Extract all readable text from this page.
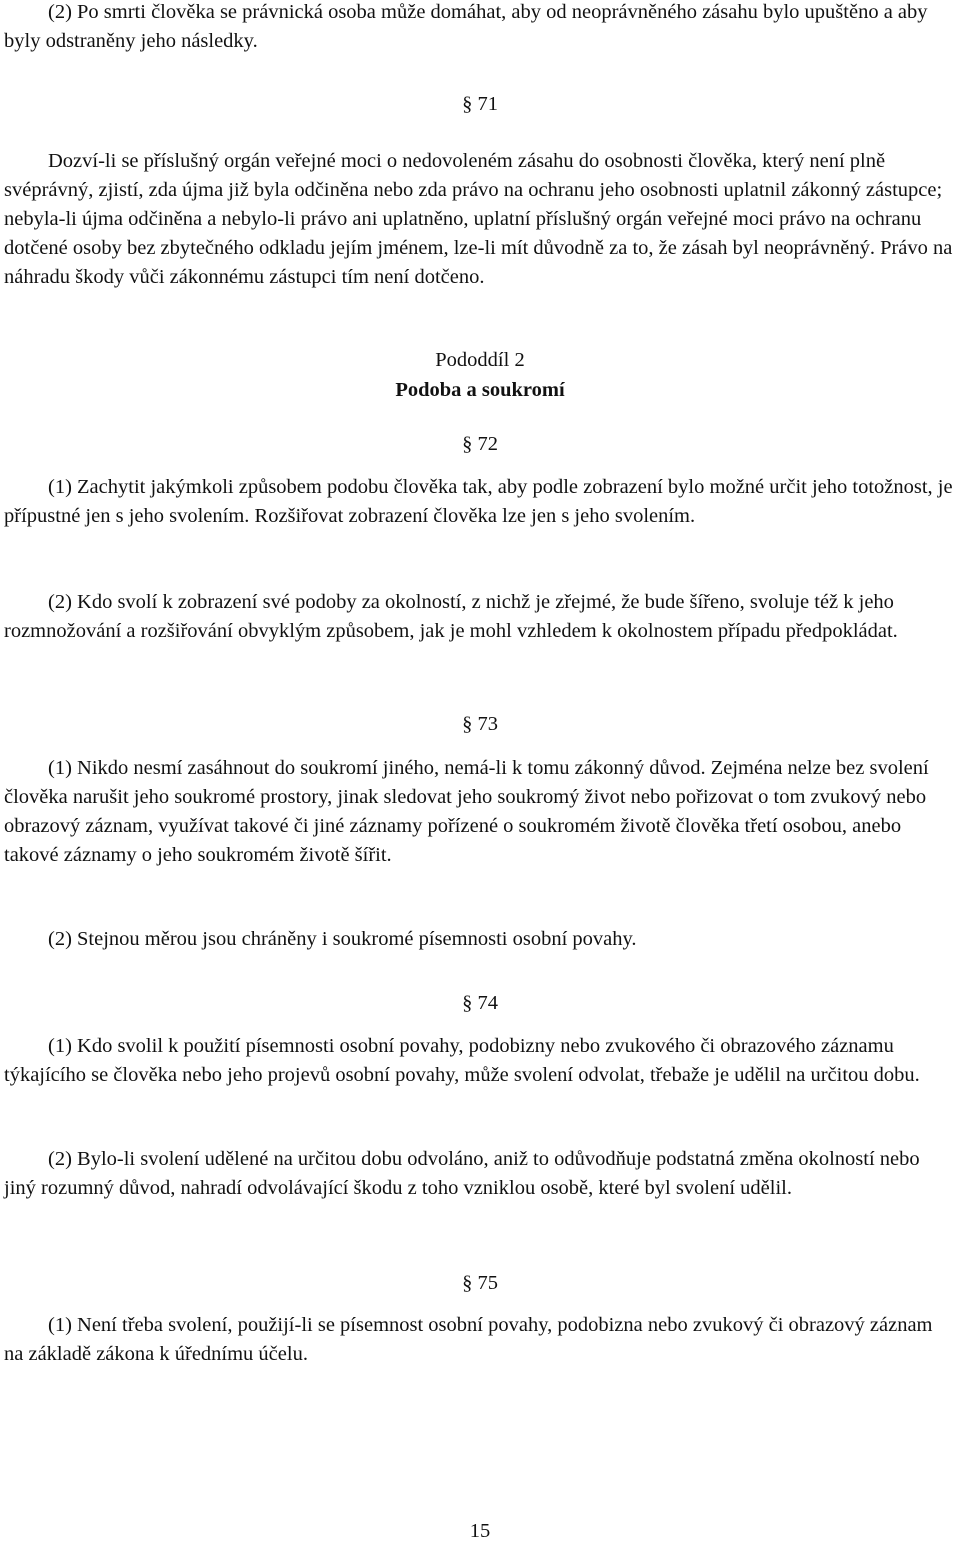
(2) Po smrti člověka se právnická osoba může domáhat, aby od neoprávněného zásahu bylo upuštěno a aby byly odstraněny jeho následky.

§ 71

Dozví-li se příslušný orgán veřejné moci o nedovoleném zásahu do osobnosti člověka, který není plně svéprávný, zjistí, zda újma již byla odčiněna nebo zda právo na ochranu jeho osobnosti uplatnil zákonný zástupce; nebyla-li újma odčiněna a nebylo-li právo ani uplatněno, uplatní příslušný orgán veřejné moci právo na ochranu dotčené osoby bez zbytečného odkladu jejím jménem, lze-li mít důvodně za to, že zásah byl neoprávněný. Právo na náhradu škody vůči zákonnému zástupci tím není dotčeno.

Pododdíl 2
Podoba a soukromí
§ 72

(1) Zachytit jakýmkoli způsobem podobu člověka tak, aby podle zobrazení bylo možné určit jeho totožnost, je přípustné jen s jeho svolením. Rozšiřovat zobrazení člověka lze jen s jeho svolením.

(2) Kdo svolí k zobrazení své podoby za okolností, z nichž je zřejmé, že bude šířeno, svoluje též k jeho rozmnožování a rozšiřování obvyklým způsobem, jak je mohl vzhledem k okolnostem případu předpokládat.

§ 73

(1) Nikdo nesmí zasáhnout do soukromí jiného, nemá-li k tomu zákonný důvod. Zejména nelze bez svolení člověka narušit jeho soukromé prostory, jinak sledovat jeho soukromý život nebo pořizovat o tom zvukový nebo obrazový záznam, využívat takové či jiné záznamy pořízené o soukromém životě člověka třetí osobou, anebo takové záznamy o jeho soukromém životě šířit.

(2) Stejnou měrou jsou chráněny i soukromé písemnosti osobní povahy.

§ 74

(1) Kdo svolil k použití písemnosti osobní povahy, podobizny nebo zvukového či obrazového záznamu týkajícího se člověka nebo jeho projevů osobní povahy, může svolení odvolat, třebaže je udělil na určitou dobu.

(2) Bylo-li svolení udělené na určitou dobu odvoláno, aniž to odůvodňuje podstatná změna okolností nebo jiný rozumný důvod, nahradí odvolávající škodu z toho vzniklou osobě, které byl svolení udělil.

§ 75

(1) Není třeba svolení, použijí-li se písemnost osobní povahy, podobizna nebo zvukový či obrazový záznam na základě zákona k úřednímu účelu.

15
